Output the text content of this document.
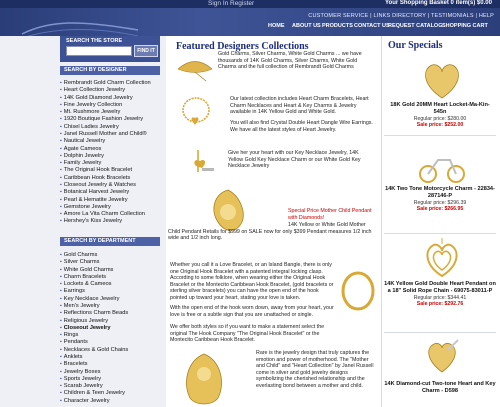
Sign In Register	Your Shopping Basket 0 item(s) $0.00
CUSTOMER SERVICE | LINKS DIRECTORY | TESTIMONIALS | HELP
HOME ABOUT US PRODUCTS CONTACT US
REQUEST CATALOG SHOPPING CART
SEARCH THE STORE
FIND IT
SEARCH BY DESIGNER
▪ Rembrandt Gold Charm Collection
▪ Heart Collection Jewelry
▪ 14K Gold Diamond Jewelry
▪ Fine Jewelry Collection
▪ Mt. Rushmore Jewelry
▪ 1920 Boutique Fashion Jewelry
▪ Chisel Ladies Jewelry
▪ Janel Russell Mother and Child®
▪ Nautical Jewelry
▪ Agate Cameos
▪ Dolphin Jewelry
▪ Family Jewelry
▪ The Original Hook Bracelet
▪ Caribbean Hook Bracelets
▪ Closeout Jewelry & Watches
▪ Botanical Harvest Jewelry
▪ Pearl & Hematite Jewelry
▪ Gemstone Jewelry
▪ Amore La Vita Charm Collection
▪ Hershey's Kiss Jewelry
SEARCH BY DEPARTMENT
▪ Gold Charms
▪ Silver Charms
▪ White Gold Charms
▪ Charm Bracelets
▪ Lockets & Cameos
▪ Earrings
▪ Key Necklace Jewelry
▪ Men's Jewelry
▪ Reflections Charm Beads
▪ Religious Jewelry
▪ Closeout Jewelry
▪ Rings
▪ Pendants
▪ Necklaces & Gold Chains
▪ Anklets
▪ Bracelets
▪ Jewelry Boxes
▪ Sports Jewelry
▪ Scarab Jewelry
▪ Children & Teen Jewelry
▪ Character Jewelry
Featured Designers Collections
Gold Charms, Silver Charms, White Gold Charms ... we have thousands of 14K Gold Charms, Silver Charms, White Gold Charms and the full collection of Rembrandt Gold Charms
Our latest collection includes Heart Charm Bracelets, Heart Charm Necklaces and Heart & Key Charms & Jewelry available in 14K Yellow Gold and White Gold.
You will also find Crystal Double Heart Dangle Wire Earrings. We have all the latest styles of Heart Jewelry.
Give her your heart with our Key Necklace Jewelry, 14K Yellow Gold Key Necklace Charm or our White Gold Key Necklace Jewelry
Special Price Mother Child Pendant with Diamonds!
14K Yellow or White Gold Mother Child Pendant Retails for $999 on SALE now for only $399 Pendant measures 1/2 inch wide and 1/2 inch long.
Whether you call it a Love Bracelet, or an Island Bangle, there is only one Original Hook Bracelet with a patented integral locking clasp. According to some folklore, when wearing either the Original Hook Bracelet or the Montecito Caribbean Hook Bracelet, (gold bracelets or sterling silver bracelets) you can have the open end of the hook pointed up toward your heart, stating your love is taken.
With the open end of the hook worn down, away from your heart, your love is free or a subtle sign that you are unattached or single.
We offer both styles so if you want to make a statement select the original The Hook Company "The Original Hook Bracelet" or the Montecito Caribbean Hook Bracelet.
Rare is the jewelry design that truly captures the emotion and power of motherhood. The "Mother and Child" and "Heart Collection" by Janel Russell come in silver and gold jewelry designs symbolizing the cherished relationship and the everlasting bond between a mother and child.
Our Specials
18K Gold 20MM Heart Locket-Ma-Kin-545n
Regular price: $280.00
Sale price: $252.00
14K Two Tone Motorcycle Charm - 22834-287146-P
Regular price: $296.39
Sale price: $266.95
14K Yellow Gold Double Heart Pendant on a 18" Solid Rope Chain - 69075-83011-P
Regular price: $344.41
Sale price: $292.76
14K Diamond-cut Two-tone Heart and Key Charm - D598
